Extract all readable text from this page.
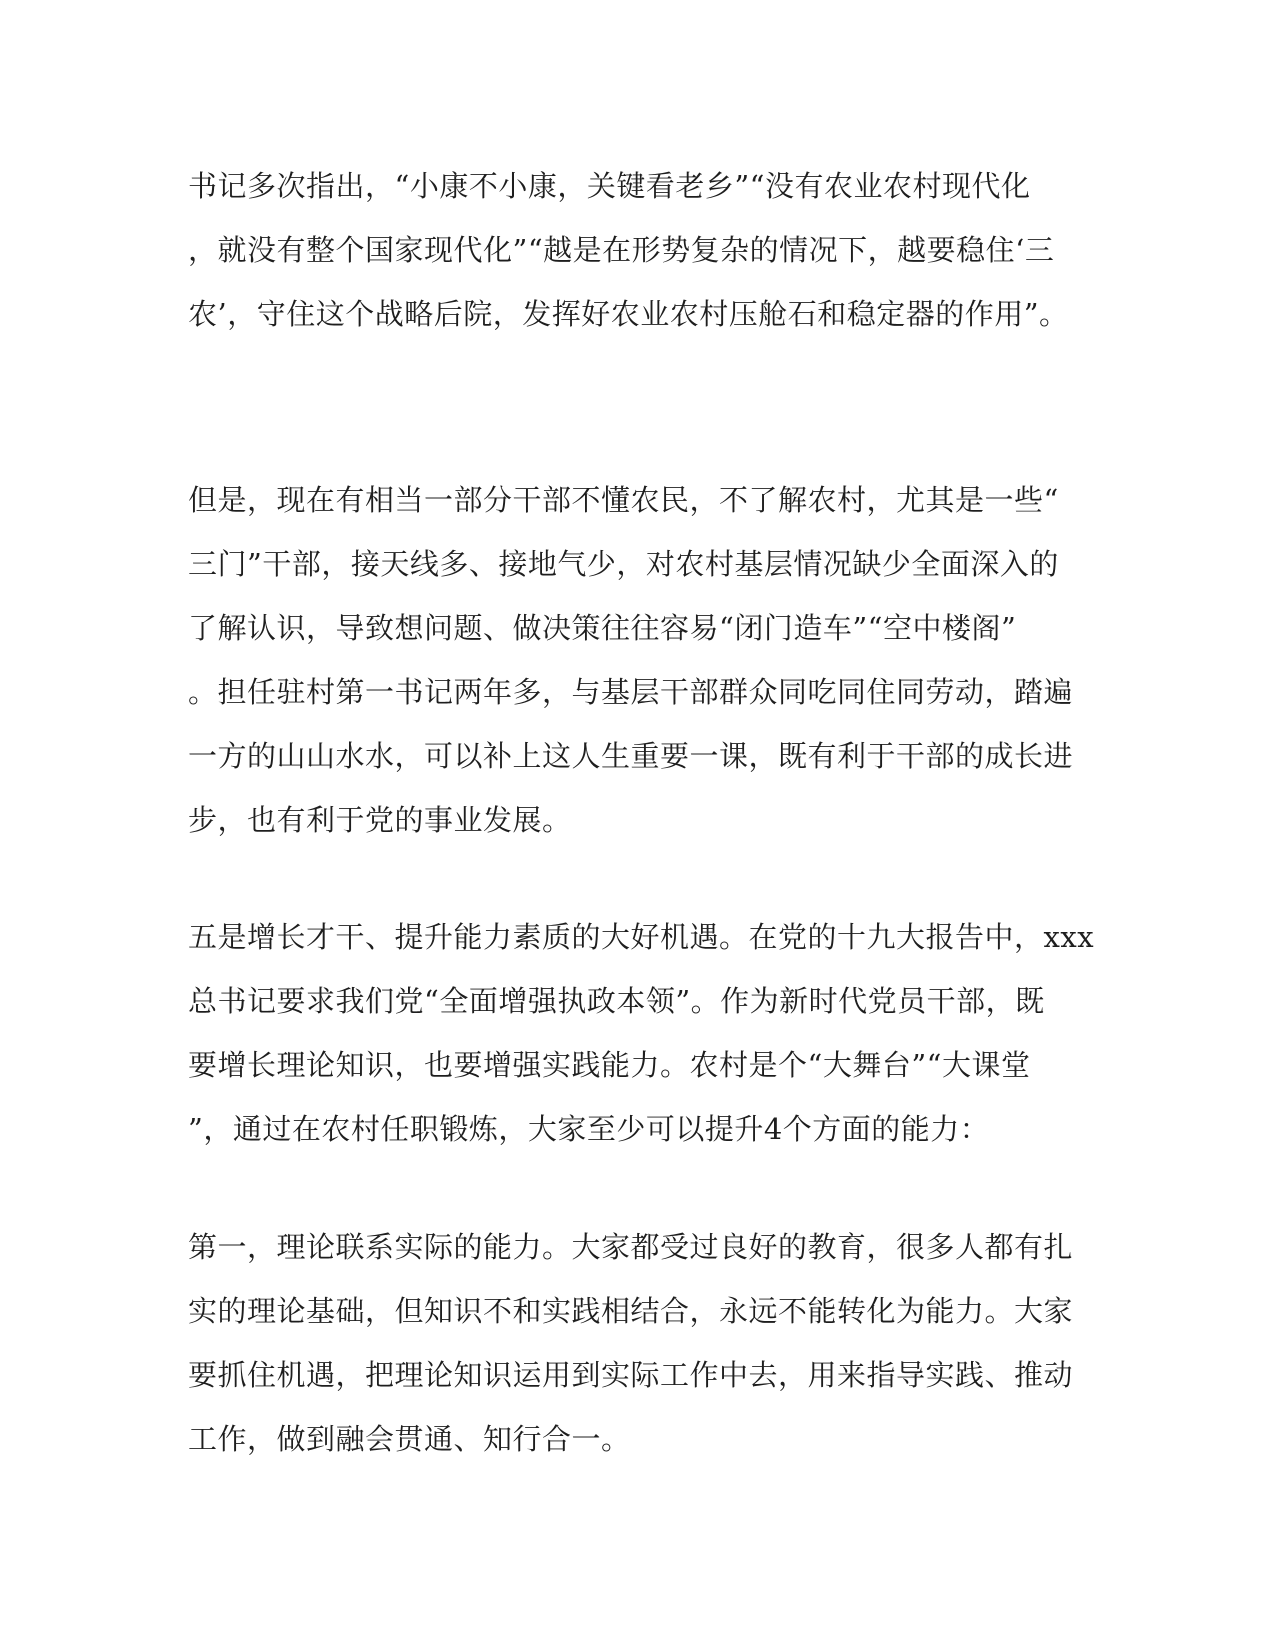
书记多次指出，“小康不小康，关键看老乡”“没有农业农村现代化
，就没有整个国家现代化”“越是在形势复杂的情况下，越要稳住‘三
农’，守住这个战略后院，发挥好农业农村压舱石和稳定器的作用”。
但是，现在有相当一部分干部不懂农民，不了解农村，尤其是一些“
三门”干部，接天线多、接地气少，对农村基层情况缺少全面深入的
了解认识，导致想问题、做决策往往容易“闭门造车”“空中楼阁”
。担任驻村第一书记两年多，与基层干部群众同吃同住同劳动，踏遍
一方的山山水水，可以补上这人生重要一课，既有利于干部的成长进
步，也有利于党的事业发展。
五是增长才干、提升能力素质的大好机遇。在党的十九大报告中，xxx
总书记要求我们党“全面增强执政本领”。作为新时代党员干部，既
要增长理论知识，也要增强实践能力。农村是个“大舞台”“大课堂
”，通过在农村任职锻炼，大家至少可以提升4个方面的能力：
第一，理论联系实际的能力。大家都受过良好的教育，很多人都有扎
实的理论基础，但知识不和实践相结合，永远不能转化为能力。大家
要抓住机遇，把理论知识运用到实际工作中去，用来指导实践、推动
工作，做到融会贯通、知行合一。
